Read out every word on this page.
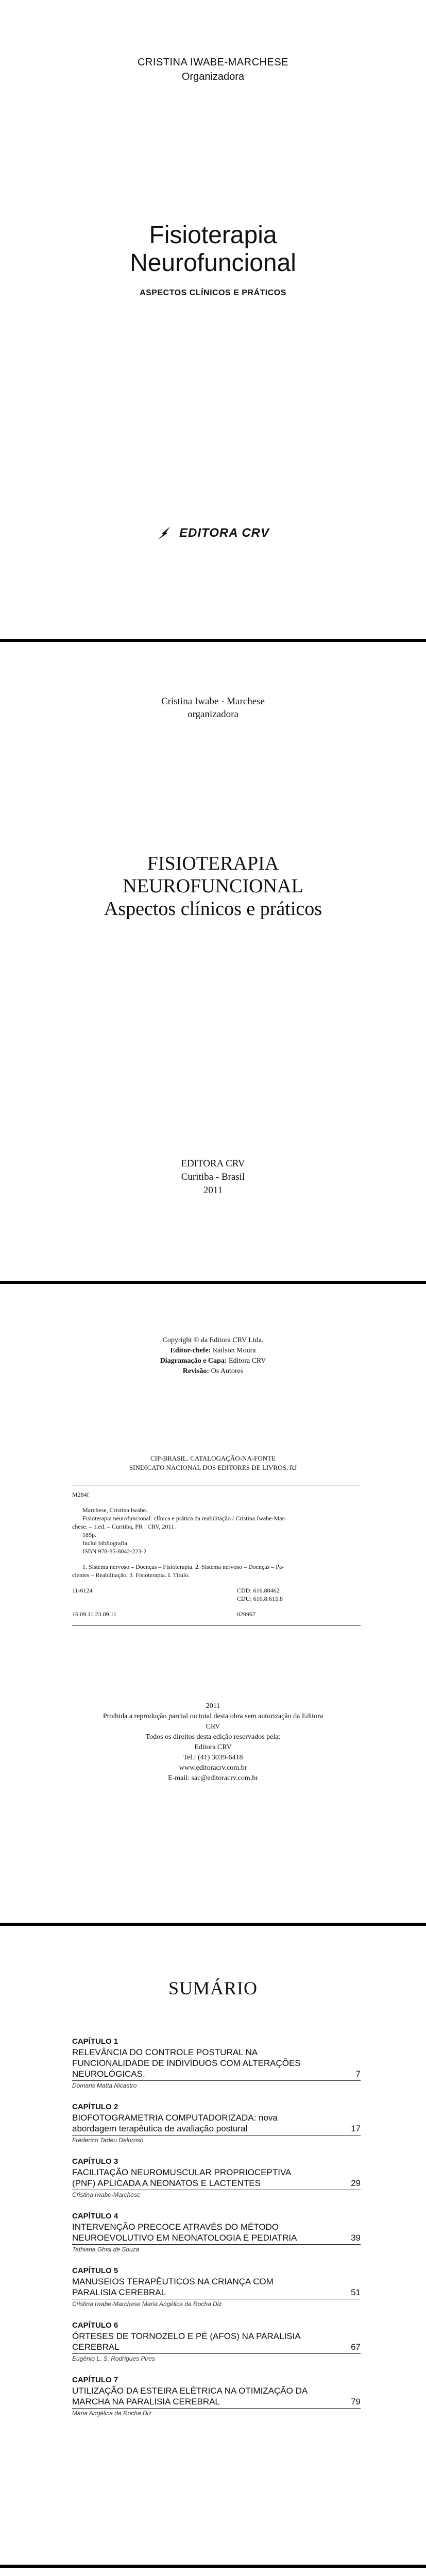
CRISTINA IWABE-MARCHESE
Organizadora
Fisioterapia
Neurofuncional
ASPECTOS CLÍNICOS E PRÁTICOS
EDITORA CRV
Cristina Iwabe - Marchese
organizadora
FISIOTERAPIA
NEUROFUNCIONAL
Aspectos clínicos e práticos
EDITORA CRV
Curitiba - Brasil
2011
Copyright © da Editora CRV Ltda.
Editor-chefe: Railson Moura
Diagramação e Capa: Editora CRV
Revisão: Os Autores
CIP-BRASIL. CATALOGAÇÃO-NA-FONTE
SINDICATO NACIONAL DOS EDITORES DE LIVROS, RJ
M284f
Marchese, Cristina Iwabe.
Fisioterapia neurofuncional: clínica e prática da reabilitação / Cristina Iwabe-Mar-
chese. – 1.ed. – Curitiba, PR : CRV, 2011.
185p.
Inclui bibliografia
ISBN 978-85-8042-223-2
1. Sistema nervoso – Doenças – Fisioterapia. 2. Sistema nervoso – Doenças – Pa-
cientes – Reabilitação. 3. Fisioterapia. I. Título.
11-6124	CDD: 616.80462
CDU: 616.8:615.8
16.09.11 23.09.11	029967
2011
Proibida a reprodução parcial ou total desta obra sem autorização da Editora
CRV
Todos os direitos desta edição reservados pela:
Editora CRV
Tel.: (41) 3039-6418
www.editoracrv.com.br
E-mail: sac@editoracrv.com.br
SUMÁRIO
CAPÍTULO 1
RELEVÂNCIA DO CONTROLE POSTURAL NA
FUNCIONALIDADE DE INDIVÍDUOS COM ALTERAÇÕES
NEUROLÓGICAS.	7
Domaris Matta Nicastro
CAPÍTULO 2
BIOFOTOGRAMETRIA COMPUTADORIZADA: nova
abordagem terapêutica de avaliação postural	17
Frederico Tadeu Deloroso
CAPÍTULO 3
FACILITAÇÃO NEUROMUSCULAR PROPRIOCEPTIVA
(PNF) APLICADA A NEONATOS E LACTENTES	29
Cristina Iwabe-Marchese
CAPÍTULO 4
INTERVENÇÃO PRECOCE ATRAVÉS DO MÉTODO
NEUROEVOLUTIVO EM NEONATOLOGIA E PEDIATRIA	39
Tathiana Ghisi de Souza
CAPÍTULO 5
MANUSEIOS TERAPÊUTICOS NA CRIANÇA COM
PARALISIA CEREBRAL	51
Cristina Iwabe-Marchese Maria Angélica da Rocha Diz
CAPÍTULO 6
ÓRTESES DE TORNOZELO E PÉ (AFOS) NA PARALISIA
CEREBRAL	67
Eugênio L. S. Rodrigues Pires
CAPÍTULO 7
UTILIZAÇÃO DA ESTEIRA ELÉTRICA NA OTIMIZAÇÃO DA
MARCHA NA PARALISIA CEREBRAL	79
Maria Angélica da Rocha Diz
